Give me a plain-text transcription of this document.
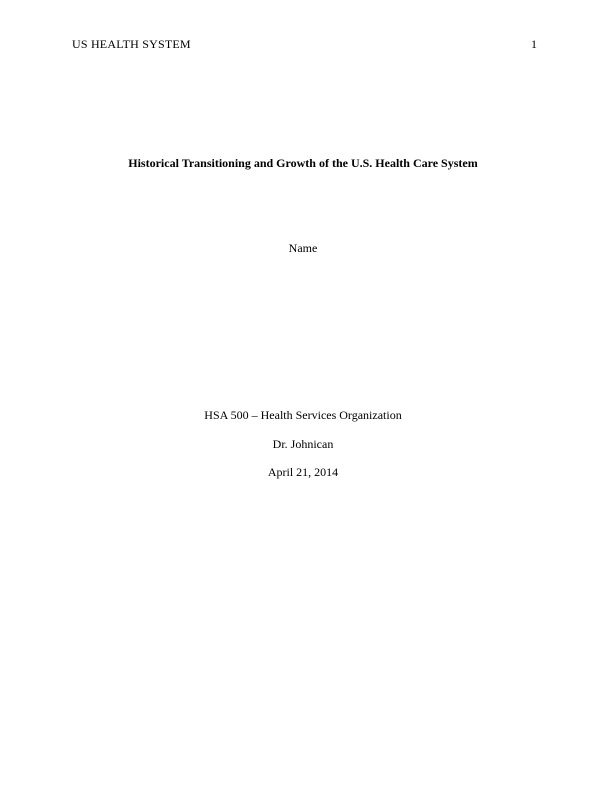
US HEALTH SYSTEM	1
Historical Transitioning and Growth of the U.S. Health Care System
Name
HSA 500 – Health Services Organization
Dr. Johnican
April 21, 2014
